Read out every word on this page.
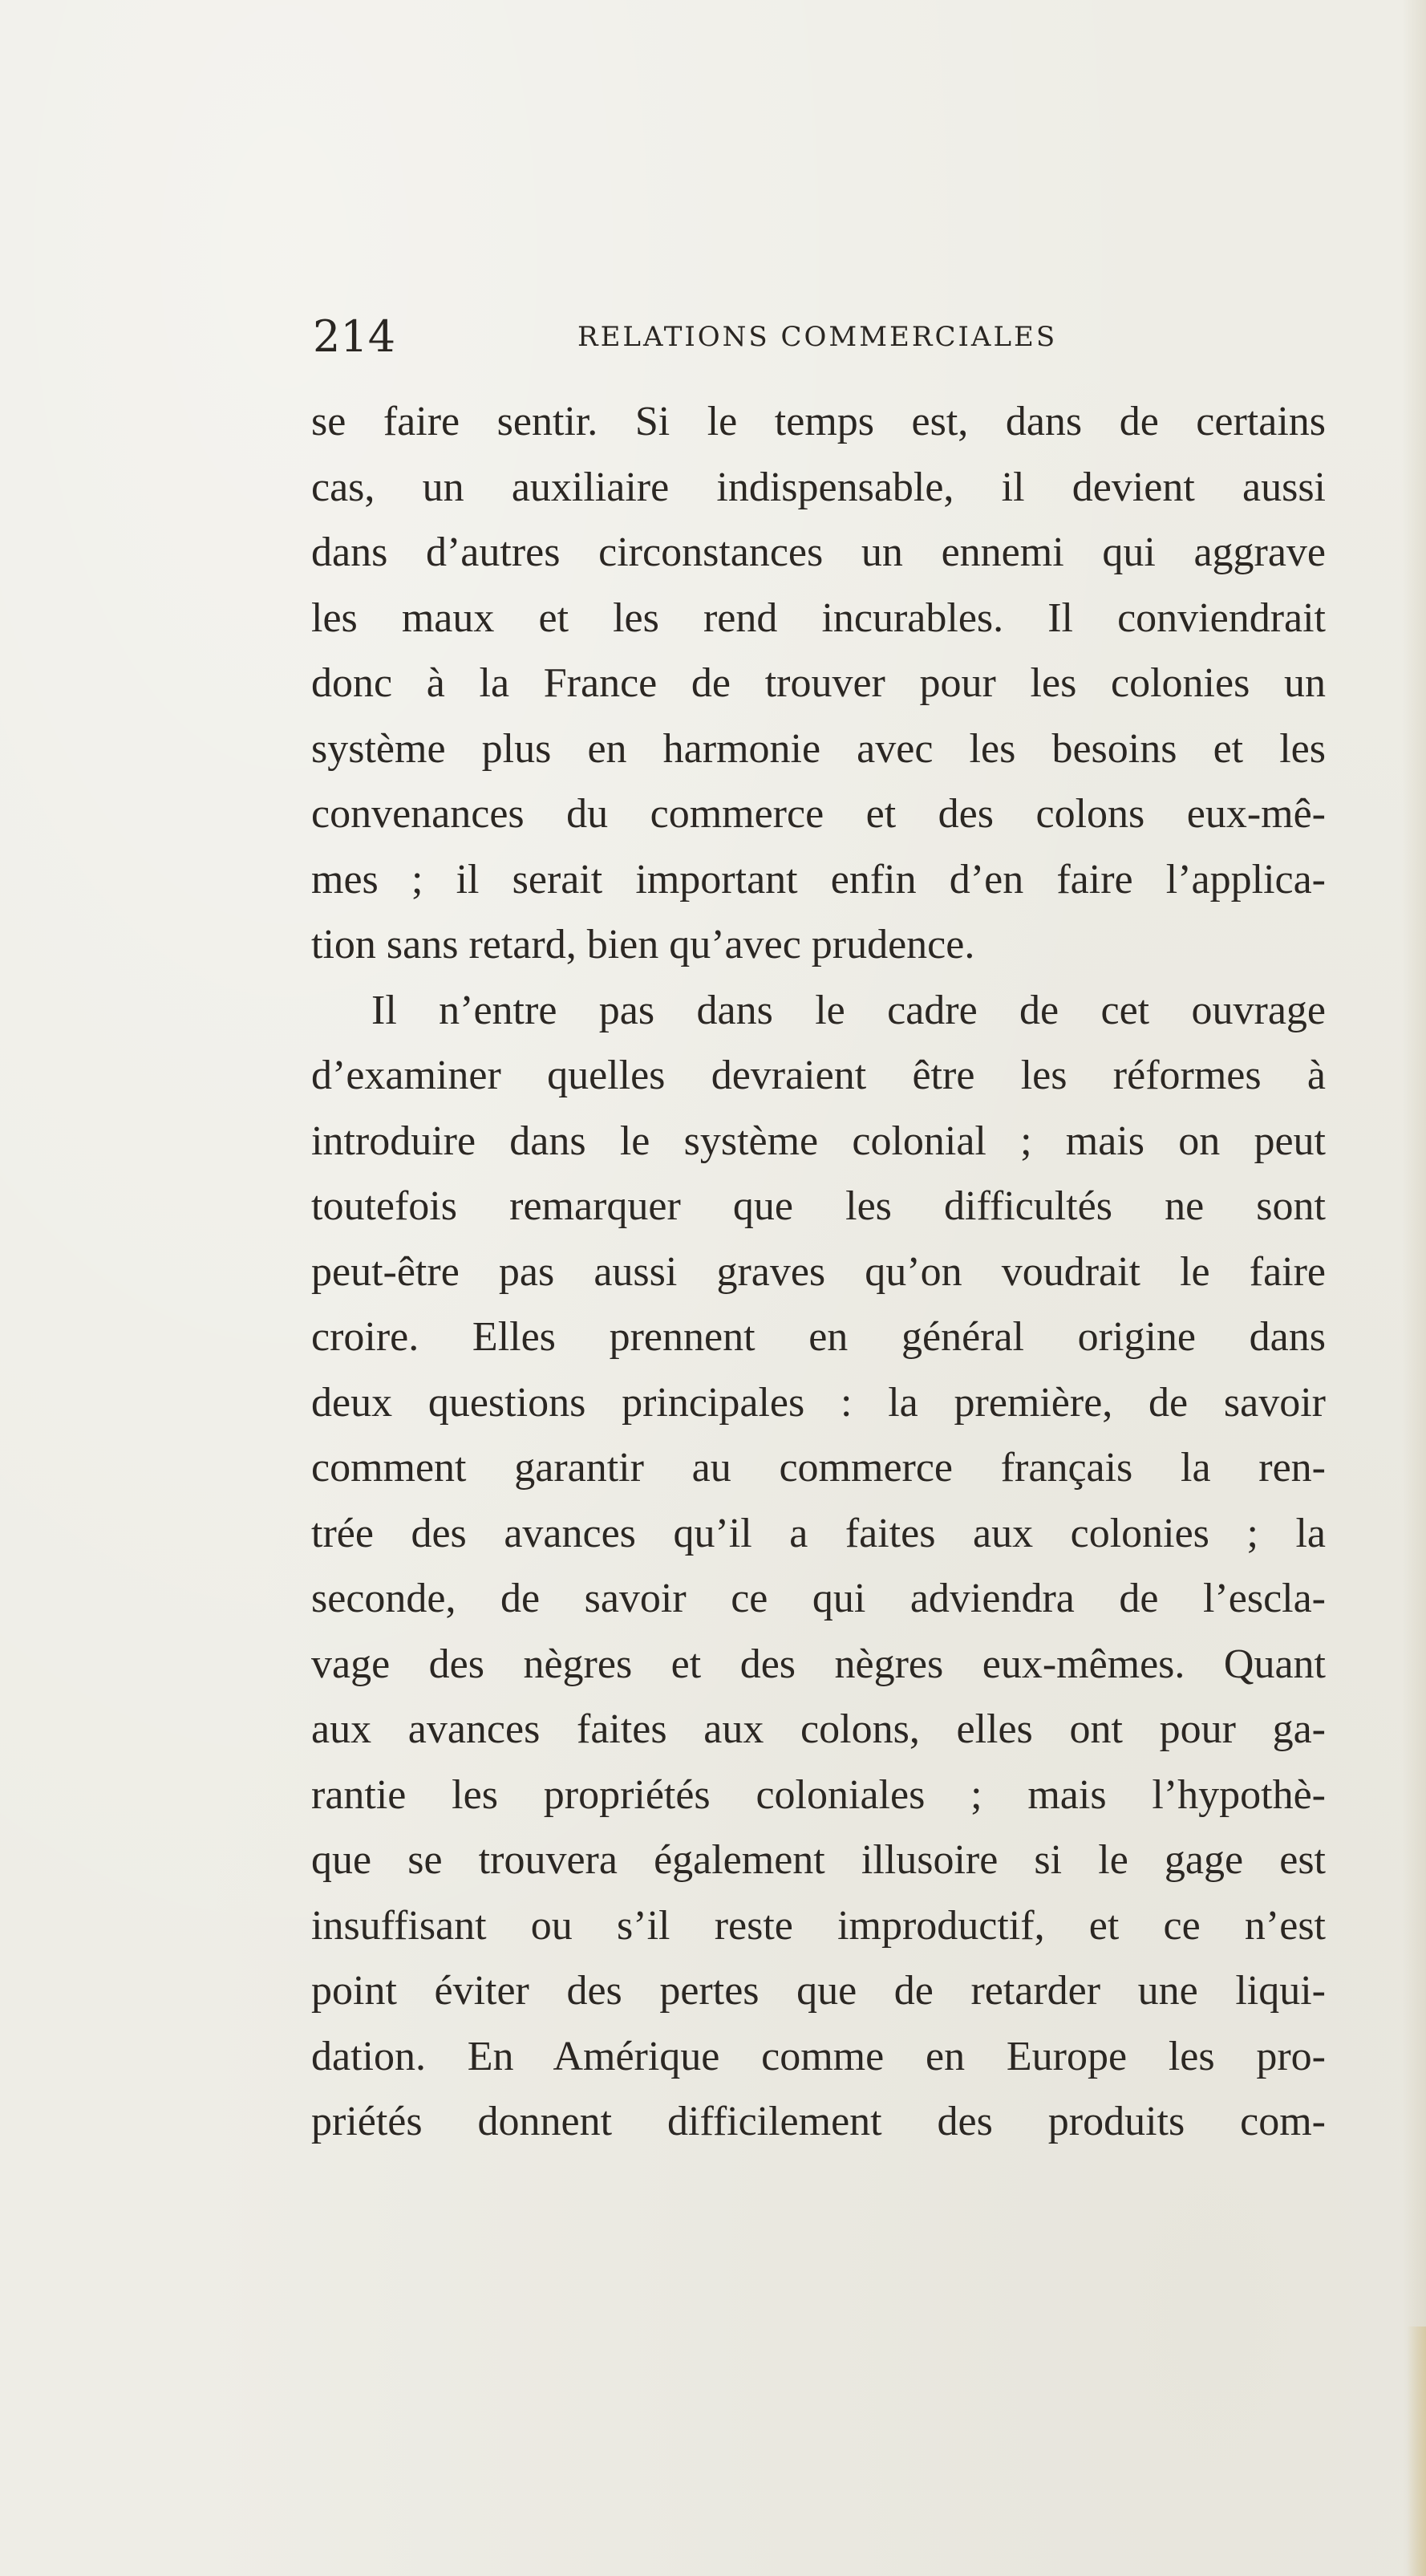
214	RELATIONS COMMERCIALES
se faire sentir. Si le temps est, dans de certains
cas, un auxiliaire indispensable, il devient aussi
dans d’autres circonstances un ennemi qui aggrave
les maux et les rend incurables. Il conviendrait
donc à la France de trouver pour les colonies un
système plus en harmonie avec les besoins et les
convenances du commerce et des colons eux-mê-
mes ; il serait important enfin d’en faire l’applica-
tion sans retard, bien qu’avec prudence.
Il n’entre pas dans le cadre de cet ouvrage
d’examiner quelles devraient être les réformes à
introduire dans le système colonial ; mais on peut
toutefois remarquer que les difficultés ne sont
peut-être pas aussi graves qu’on voudrait le faire
croire. Elles prennent en général origine dans
deux questions principales : la première, de savoir
comment garantir au commerce français la ren-
trée des avances qu’il a faites aux colonies ; la
seconde, de savoir ce qui adviendra de l’escla-
vage des nègres et des nègres eux-mêmes. Quant
aux avances faites aux colons, elles ont pour ga-
rantie les propriétés coloniales ; mais l’hypothè-
que se trouvera également illusoire si le gage est
insuffisant ou s’il reste improductif, et ce n’est
point éviter des pertes que de retarder une liqui-
dation. En Amérique comme en Europe les pro-
priétés donnent difficilement des produits com-
